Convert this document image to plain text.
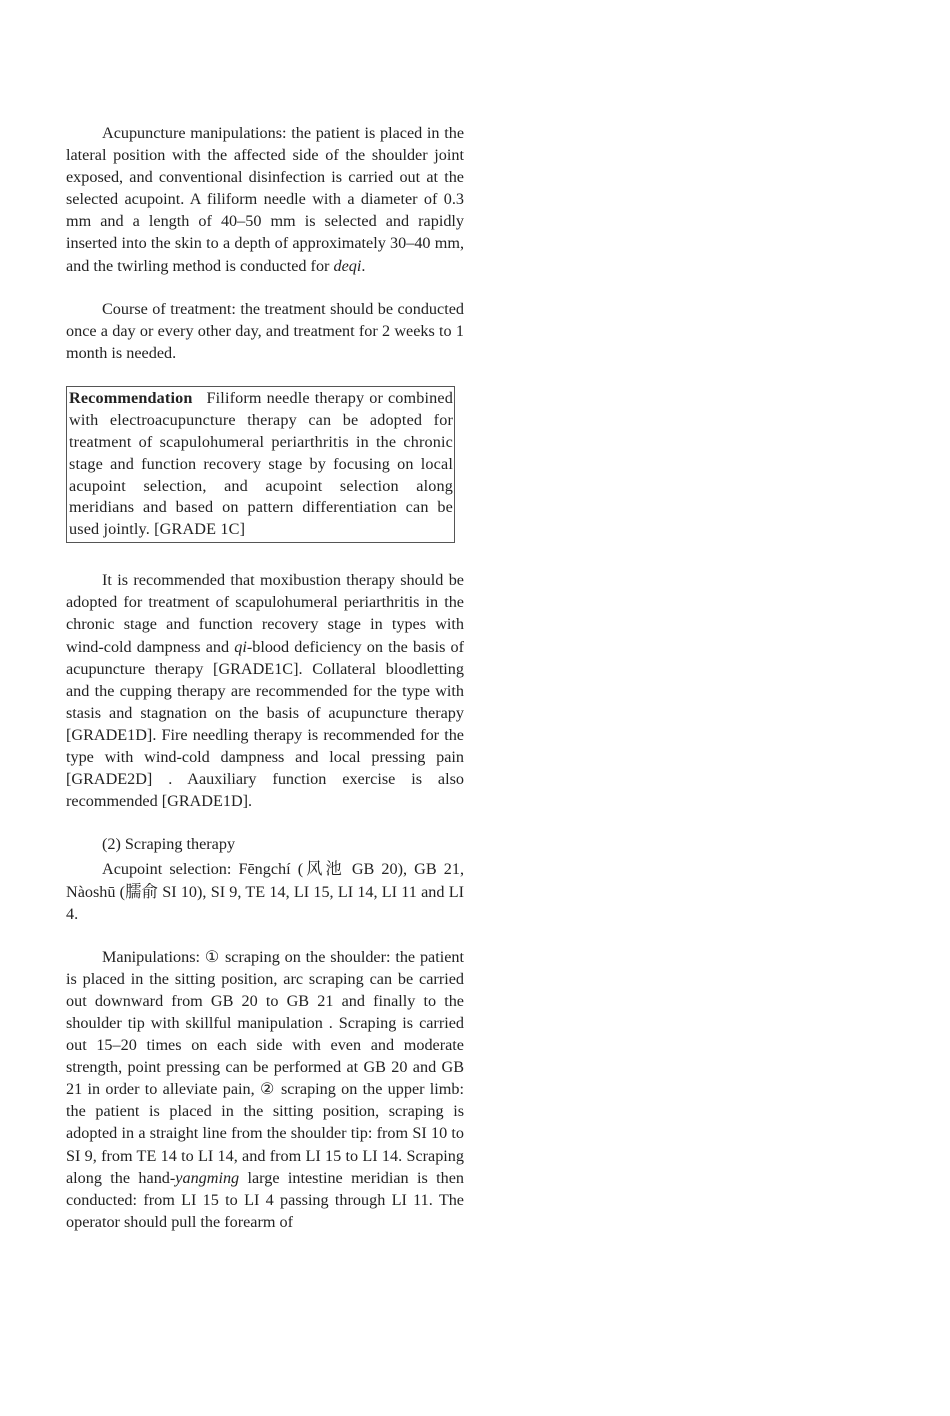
Acupuncture manipulations: the patient is placed in the lateral position with the affected side of the shoulder joint exposed, and conventional disinfection is carried out at the selected acupoint. A filiform needle with a diameter of 0.3 mm and a length of 40–50 mm is selected and rapidly inserted into the skin to a depth of approximately 30–40 mm, and the twirling method is conducted for deqi.

Course of treatment: the treatment should be conducted once a day or every other day, and treatment for 2 weeks to 1 month is needed.

Recommendation Filiform needle therapy or combined with electroacupuncture therapy can be adopted for treatment of scapulohumeral periarthritis in the chronic stage and function recovery stage by focusing on local acupoint selection, and acupoint selection along meridians and based on pattern differentiation can be used jointly. [GRADE 1C]

It is recommended that moxibustion therapy should be adopted for treatment of scapulohumeral periarthritis in the chronic stage and function recovery stage in types with wind-cold dampness and qi-blood deficiency on the basis of acupuncture therapy [GRADE1C]. Collateral bloodletting and the cupping therapy are recommended for the type with stasis and stagnation on the basis of acupuncture therapy [GRADE1D]. Fire needling therapy is recommended for the type with wind-cold dampness and local pressing pain [GRADE2D] . Aauxiliary function exercise is also recommended [GRADE1D].

(2) Scraping therapy

Acupoint selection: Fēngchí (风池 GB 20), GB 21, Nàoshū (臑俞 SI 10), SI 9, TE 14, LI 15, LI 14, LI 11 and LI 4.

Manipulations: ① scraping on the shoulder: the patient is placed in the sitting position, arc scraping can be carried out downward from GB 20 to GB 21 and finally to the shoulder tip with skillful manipulation . Scraping is carried out 15–20 times on each side with even and moderate strength, point pressing can be performed at GB 20 and GB 21 in order to alleviate pain, ② scraping on the upper limb: the patient is placed in the sitting position, scraping is adopted in a straight line from the shoulder tip: from SI 10 to SI 9, from TE 14 to LI 14, and from LI 15 to LI 14. Scraping along the hand-yangming large intestine meridian is then conducted: from LI 15 to LI 4 passing through LI 11. The operator should pull the forearm of
